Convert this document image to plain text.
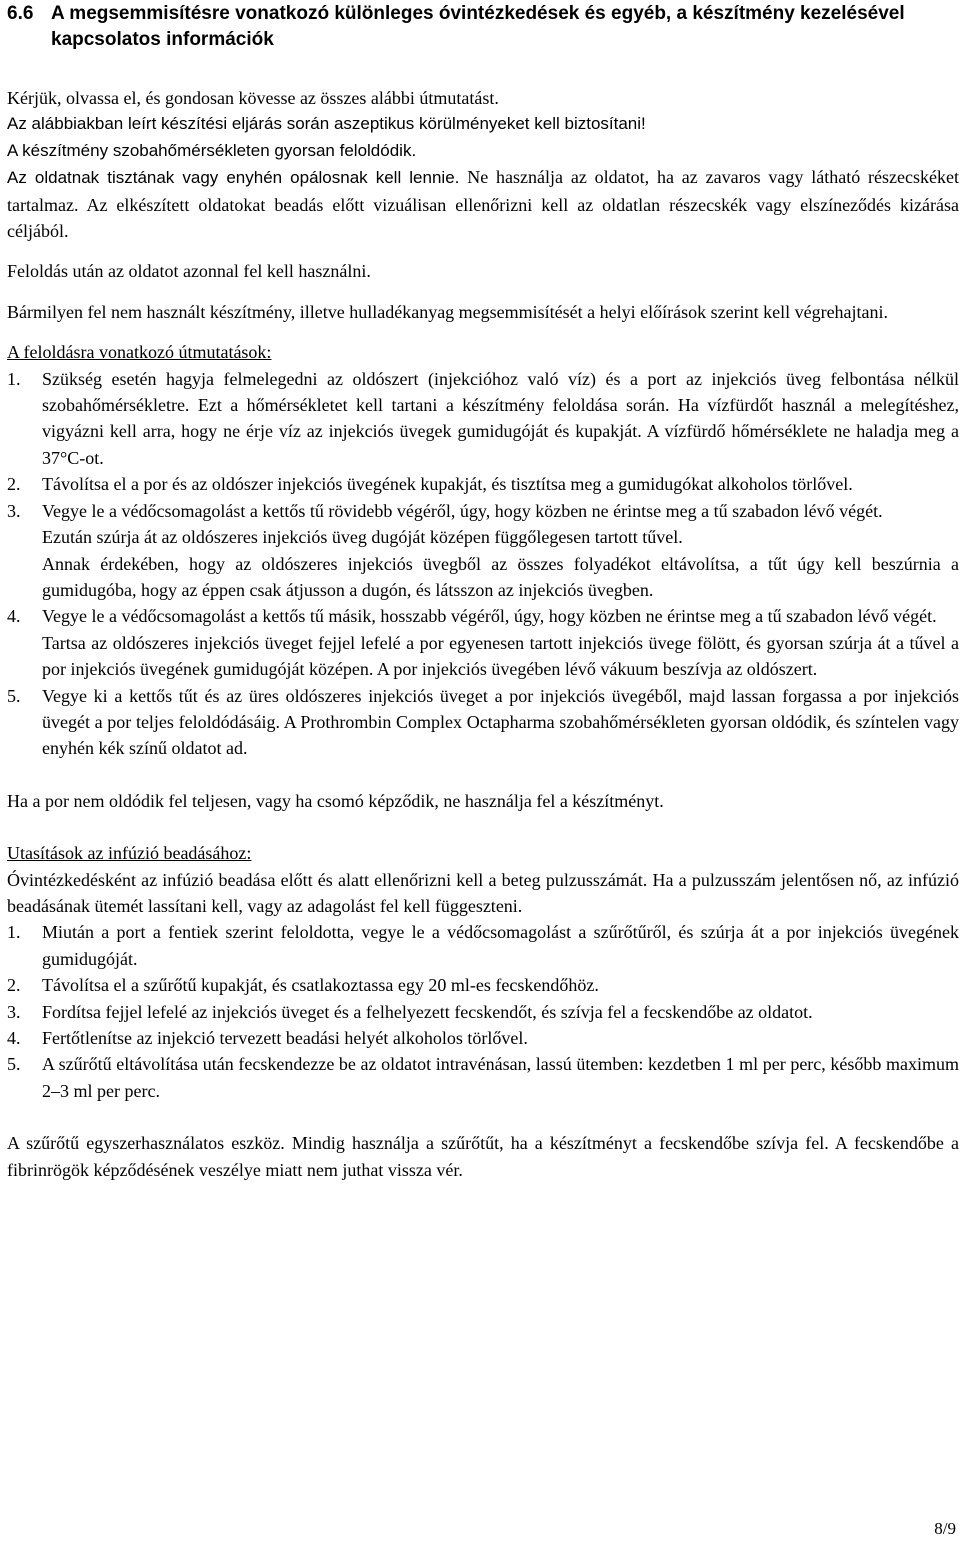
6.6 A megsemmisítésre vonatkozó különleges óvintézkedések és egyéb, a készítmény kezelésével kapcsolatos információk

Kérjük, olvassa el, és gondosan kövesse az összes alábbi útmutatást.

Az alábbiakban leírt készítési eljárás során aszeptikus körülményeket kell biztosítani!

A készítmény szobahőmérsékleten gyorsan feloldódik.

Az oldatnak tisztának vagy enyhén opálosnak kell lennie. Ne használja az oldatot, ha az zavaros vagy látható részecskéket tartalmaz. Az elkészített oldatokat beadás előtt vizuálisan ellenőrizni kell az oldatlan részecskék vagy elszíneződés kizárása céljából.

Feloldás után az oldatot azonnal fel kell használni.

Bármilyen fel nem használt készítmény, illetve hulladékanyag megsemmisítését a helyi előírások szerint kell végrehajtani.

A feloldásra vonatkozó útmutatások:

1.	Szükség esetén hagyja felmelegedni az oldószert (injekcióhoz való víz) és a port az injekciós üveg felbontása nélkül szobahőmérsékletre. Ezt a hőmérsékletet kell tartani a készítmény feloldása során. Ha vízfürdőt használ a melegítéshez, vigyázni kell arra, hogy ne érje víz az injekciós üvegek gumidugóját és kupakját. A vízfürdő hőmérséklete ne haladja meg a 37°C-ot.

2.	Távolítsa el a por és az oldószer injekciós üvegének kupakját, és tisztítsa meg a gumidugókat alkoholos törlővel.

3.	Vegye le a védőcsomagolást a kettős tű rövidebb végéről, úgy, hogy közben ne érintse meg a tű szabadon lévő végét.

Ezután szúrja át az oldószeres injekciós üveg dugóját középen függőlegesen tartott tűvel.

Annak érdekében, hogy az oldószeres injekciós üvegből az összes folyadékot eltávolítsa, a tűt úgy kell beszúrnia a gumidugóba, hogy az éppen csak átjusson a dugón, és látsszon az injekciós üvegben.

4.	Vegye le a védőcsomagolást a kettős tű másik, hosszabb végéről, úgy, hogy közben ne érintse meg a tű szabadon lévő végét.

Tartsa az oldószeres injekciós üveget fejjel lefelé a por egyenesen tartott injekciós üvege fölött, és gyorsan szúrja át a tűvel a por injekciós üvegének gumidugóját középen. A por injekciós üvegében lévő vákuum beszívja az oldószert.

5.	Vegye ki a kettős tűt és az üres oldószeres injekciós üveget a por injekciós üvegéből, majd lassan forgassa a por injekciós üvegét a por teljes feloldódásáig. A Prothrombin Complex Octapharma szobahőmérsékleten gyorsan oldódik, és színtelen vagy enyhén kék színű oldatot ad.

Ha a por nem oldódik fel teljesen, vagy ha csomó képződik, ne használja fel a készítményt.

Utasítások az infúzió beadásához:

Óvintézkedésként az infúzió beadása előtt és alatt ellenőrizni kell a beteg pulzusszámát. Ha a pulzusszám jelentősen nő, az infúzió beadásának ütemét lassítani kell, vagy az adagolást fel kell függeszteni.

1.	Miután a port a fentiek szerint feloldotta, vegye le a védőcsomagolást a szűrőtűről, és szúrja át a por injekciós üvegének gumidugóját.

2.	Távolítsa el a szűrőtű kupakját, és csatlakoztassa egy 20 ml-es fecskendőhöz.

3.	Fordítsa fejjel lefelé az injekciós üveget és a felhelyezett fecskendőt, és szívja fel a fecskendőbe az oldatot.

4.	Fertőtlenítse az injekció tervezett beadási helyét alkoholos törlővel.

5.	A szűrőtű eltávolítása után fecskendezze be az oldatot intravénásan, lassú ütemben: kezdetben 1 ml per perc, később maximum 2–3 ml per perc.

A szűrőtű egyszerhasználatos eszköz. Mindig használja a szűrőtűt, ha a készítményt a fecskendőbe szívja fel. A fecskendőbe a fibrinrögök képződésének veszélye miatt nem juthat vissza vér.

8/9
